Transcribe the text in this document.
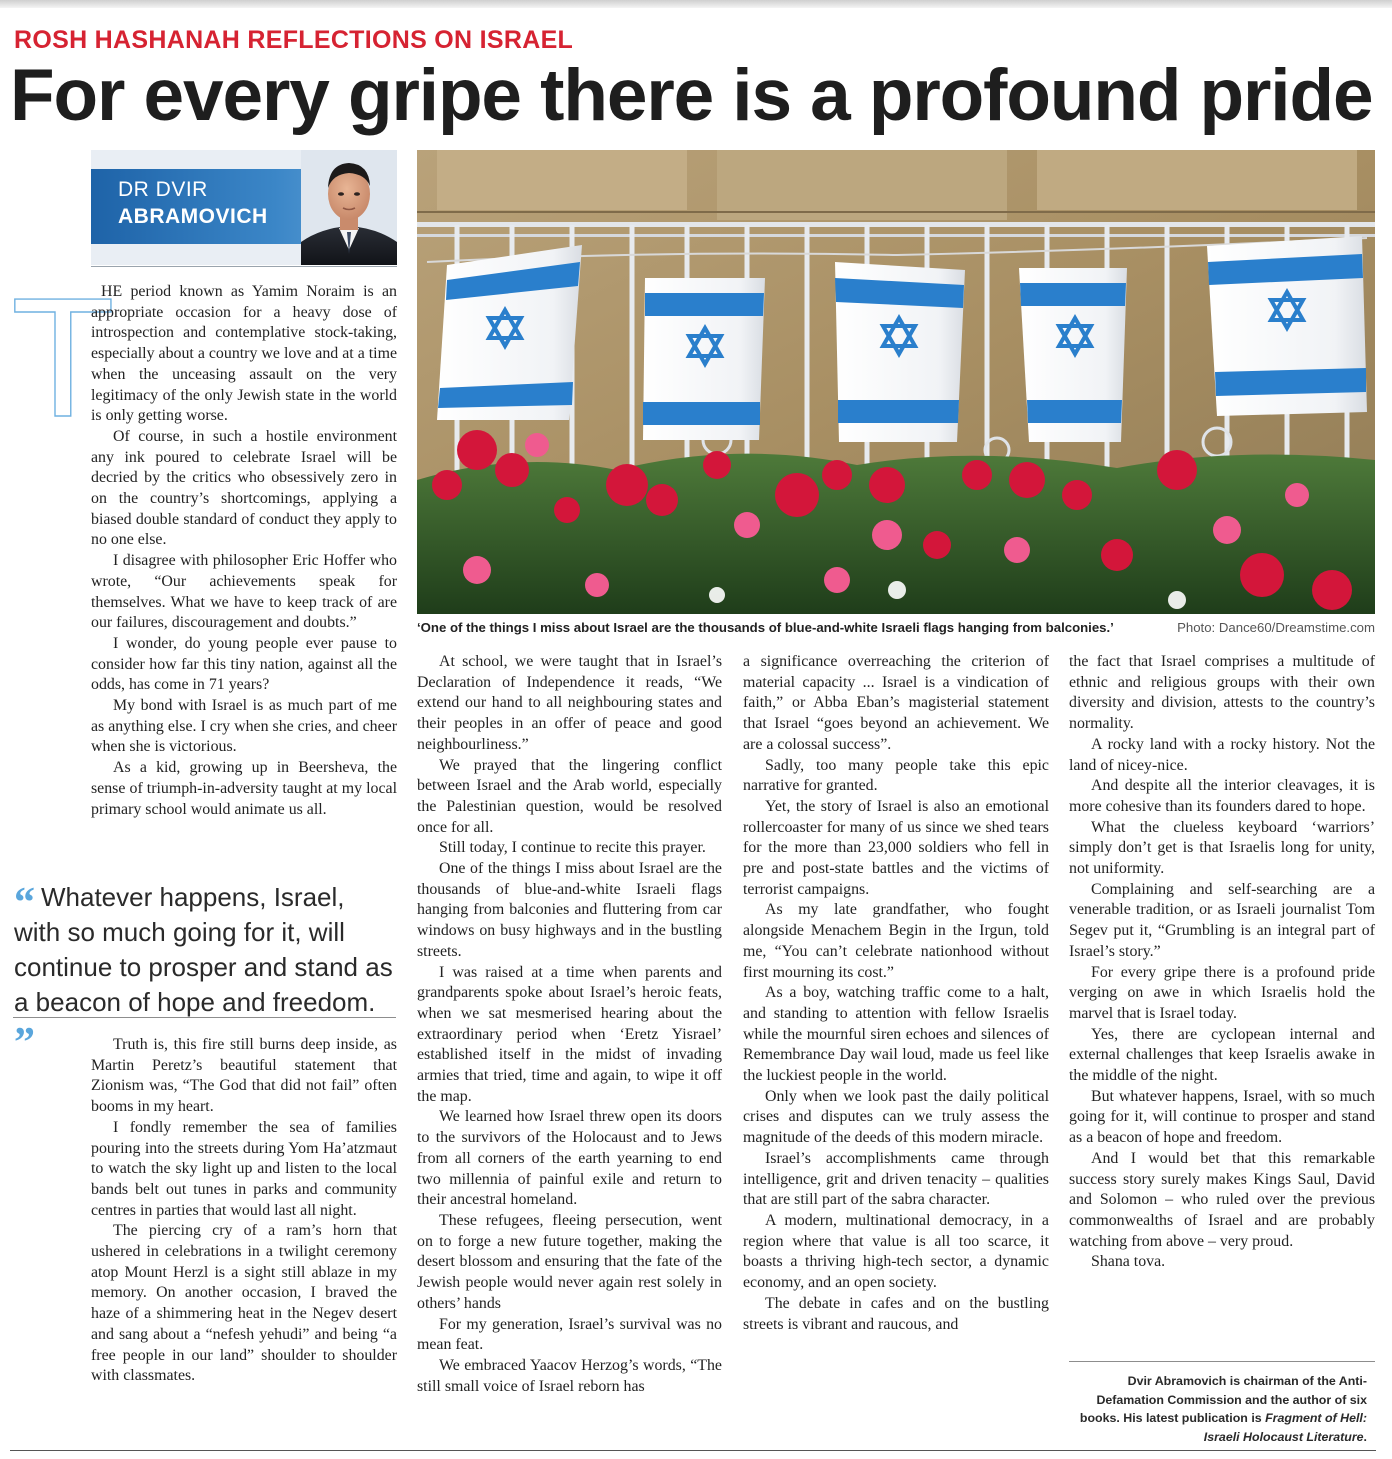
ROSH HASHANAH REFLECTIONS ON ISRAEL
For every gripe there is a profound pride
DR DVIR
ABRAMOVICH
T

HE period known as Yamim Noraim is an appropriate occasion for a heavy dose of introspection and contemplative stock-taking, especially about a country we love and at a time when the unceasing assault on the very legitimacy of the only Jewish state in the world is only getting worse.

Of course, in such a hostile environment any ink poured to celebrate Israel will be decried by the critics who obsessively zero in on the country’s shortcomings, applying a biased double standard of conduct they apply to no one else.

I disagree with philosopher Eric Hoffer who wrote, “Our achievements speak for themselves. What we have to keep track of are our failures, discouragement and doubts.”

I wonder, do young people ever pause to consider how far this tiny nation, against all the odds, has come in 71 years?

My bond with Israel is as much part of me as anything else. I cry when she cries, and cheer when she is victorious.

As a kid, growing up in Beersheva, the sense of triumph-in-adversity taught at my local primary school would animate us all.

“ Whatever happens, Israel, with so much going for it, will continue to prosper and stand as a beacon of hope and freedom. ”	Truth is, this fire still burns deep inside, as Martin Peretz’s beautiful statement that Zionism was, “The God that did not fail” often booms in my heart.

I fondly remember the sea of families pouring into the streets during Yom Ha’atzmaut to watch the sky light up and listen to the local bands belt out tunes in parks and community centres in parties that would last all night.

The piercing cry of a ram’s horn that ushered in celebrations in a twilight ceremony atop Mount Herzl is a sight still ablaze in my memory. On another occasion, I braved the haze of a shimmering heat in the Negev desert and sang about a “nefesh yehudi” and being “a free people in our land” shoulder to shoulder with classmates.

‘One of the things I miss about Israel are the thousands of blue-and-white Israeli flags hanging from balconies.’	Photo: Dance60/Dreamstime.com

At school, we were taught that in Israel’s Declaration of Independence it reads, “We extend our hand to all neighbouring states and their peoples in an offer of peace and good neighbourliness.”

We prayed that the lingering conflict between Israel and the Arab world, especially the Palestinian question, would be resolved once for all.

Still today, I continue to recite this prayer.

One of the things I miss about Israel are the thousands of blue-and-white Israeli flags hanging from balconies and fluttering from car windows on busy highways and in the bustling streets.

I was raised at a time when parents and grandparents spoke about Israel’s heroic feats, when we sat mesmerised hearing about the extraordinary period when ‘Eretz Yisrael’ established itself in the midst of invading armies that tried, time and again, to wipe it off the map.

We learned how Israel threw open its doors to the survivors of the Holocaust and to Jews from all corners of the earth yearning to end two millennia of painful exile and return to their ancestral homeland.

These refugees, fleeing persecution, went on to forge a new future together, making the desert blossom and ensuring that the fate of the Jewish people would never again rest solely in others’ hands

For my generation, Israel’s survival was no mean feat.

We embraced Yaacov Herzog’s words, “The still small voice of Israel reborn has

a significance overreaching the criterion of material capacity ... Israel is a vindication of faith,” or Abba Eban’s magisterial statement that Israel “goes beyond an achievement. We are a colossal success”.

Sadly, too many people take this epic narrative for granted.

Yet, the story of Israel is also an emotional rollercoaster for many of us since we shed tears for the more than 23,000 soldiers who fell in pre and post-state battles and the victims of terrorist campaigns.

As my late grandfather, who fought alongside Menachem Begin in the Irgun, told me, “You can’t celebrate nationhood without first mourning its cost.”

As a boy, watching traffic come to a halt, and standing to attention with fellow Israelis while the mournful siren echoes and silences of Remembrance Day wail loud, made us feel like the luckiest people in the world.

Only when we look past the daily political crises and disputes can we truly assess the magnitude of the deeds of this modern miracle.

Israel’s accomplishments came through intelligence, grit and driven tenacity – qualities that are still part of the sabra character.

A modern, multinational democracy, in a region where that value is all too scarce, it boasts a thriving high-tech sector, a dynamic economy, and an open society.

The debate in cafes and on the bustling streets is vibrant and raucous, and

the fact that Israel comprises a multitude of ethnic and religious groups with their own diversity and division, attests to the country’s normality.

A rocky land with a rocky history. Not the land of nicey-nice.

And despite all the interior cleavages, it is more cohesive than its founders dared to hope.

What the clueless keyboard ‘warriors’ simply don’t get is that Israelis long for unity, not uniformity.

Complaining and self-searching are a venerable tradition, or as Israeli journalist Tom Segev put it, “Grumbling is an integral part of Israel’s story.”

For every gripe there is a profound pride verging on awe in which Israelis hold the marvel that is Israel today.

Yes, there are cyclopean internal and external challenges that keep Israelis awake in the middle of the night.

But whatever happens, Israel, with so much going for it, will continue to prosper and stand as a beacon of hope and freedom.

And I would bet that this remarkable success story surely makes Kings Saul, David and Solomon – who ruled over the previous commonwealths of Israel and are probably watching from above – very proud.

Shana tova.

Dvir Abramovich is chairman of the Anti-Defamation Commission and the author of six books. His latest publication is Fragment of Hell: Israeli Holocaust Literature.
